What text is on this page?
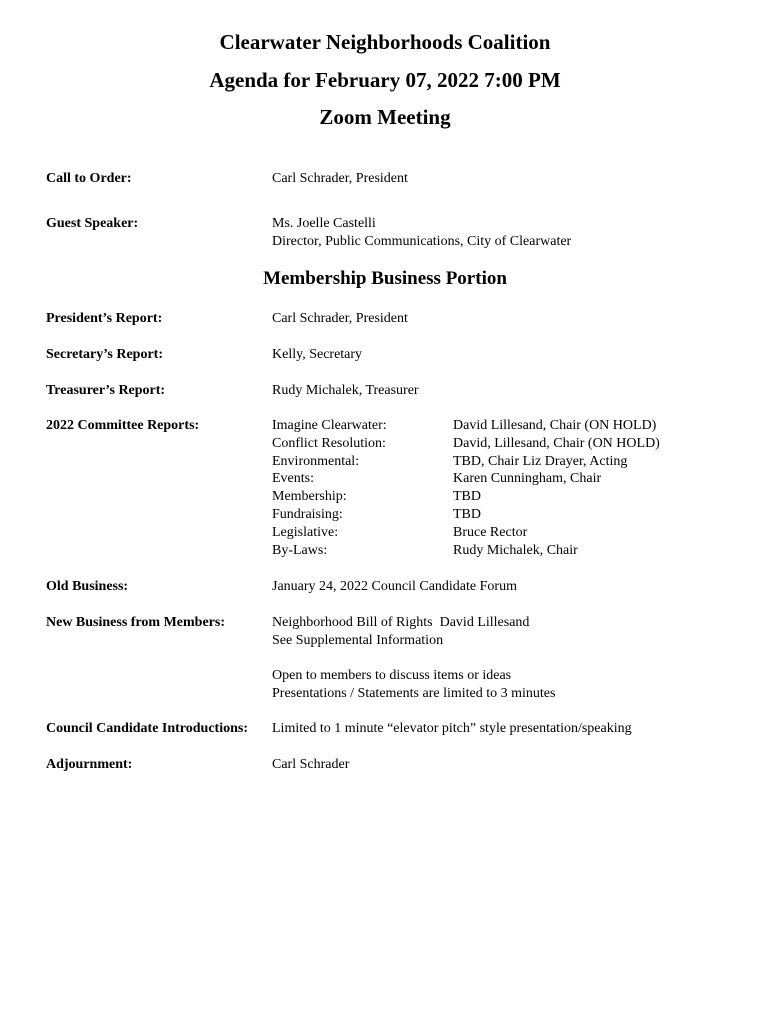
Clearwater Neighborhoods Coalition
Agenda for February 07, 2022 7:00 PM
Zoom Meeting
Call to Order:	Carl Schrader, President
Guest Speaker:	Ms. Joelle Castelli
Director, Public Communications, City of Clearwater
Membership Business Portion
President’s Report:	Carl Schrader, President
Secretary’s Report:	Kelly, Secretary
Treasurer’s Report:	Rudy Michalek, Treasurer
2022 Committee Reports:	Imagine Clearwater:	David Lillesand, Chair (ON HOLD)
Conflict Resolution:	David, Lillesand, Chair (ON HOLD)
Environmental:	TBD, Chair Liz Drayer, Acting
Events:	Karen Cunningham, Chair
Membership:	TBD
Fundraising:	TBD
Legislative:	Bruce Rector
By-Laws:	Rudy Michalek, Chair
Old Business:	January 24, 2022 Council Candidate Forum
New Business from Members:	Neighborhood Bill of Rights  David Lillesand
See Supplemental Information
Open to members to discuss items or ideas
Presentations / Statements are limited to 3 minutes
Council Candidate Introductions: Limited to 1 minute “elevator pitch” style presentation/speaking
Adjournment:	Carl Schrader
